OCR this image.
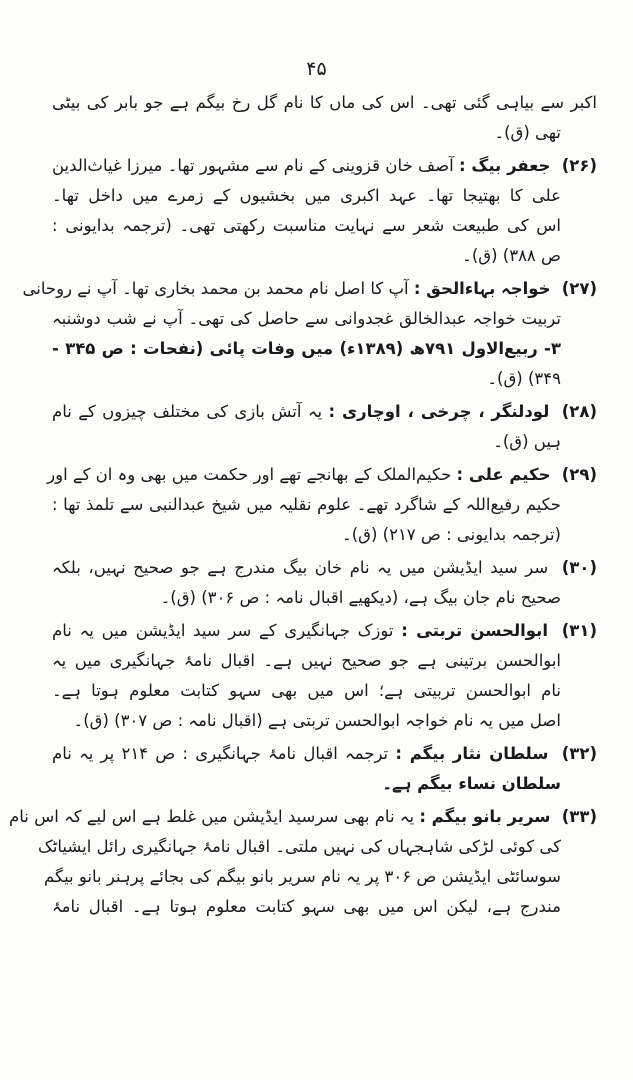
۴۵
اکبر سے بیاہی گئی تھی۔ اس کی ماں کا نام گل رخ بیگم ہے جو بابر کی بیٹی
تھی (ق)۔
(۲۶) جعفر بیگ : آصف خان قزوینی کے نام سے مشہور تھا۔ میرزا غیاث‌الدین
علی کا بھتیجا تھا۔ عہد اکبری میں بخشیوں کے زمرے میں داخل تھا۔
اس کی طبیعت شعر سے نہایت مناسبت رکھتی تھی۔ (ترجمہ بدایونی :
ص ۳۸۸) (ق)۔
(۲۷) خواجہ بہاءالحق : آپ کا اصل نام محمد بن محمد بخاری تھا۔ آپ نے روحانی
تربیت خواجہ عبدالخالق غجدوانی سے حاصل کی تھی۔ آپ نے شب دوشنبہ
۳- ربیع‌الاول ۷۹۱ھ (۱۳۸۹ء) میں وفات پائی (نفحات : ص ۳۴۵ -
۳۴۹) (ق)۔
(۲۸) لودلنگر ، چرخی ، اوچاری : یہ آتش بازی کی مختلف چیزوں کے نام
ہیں (ق)۔
(۲۹) حکیم علی : حکیم‌الملک کے بھانجے تھے اور حکمت میں بھی وہ ان کے اور
حکیم رفیع‌اللہ کے شاگرد تھے۔ علوم نقلیہ میں شیخ عبدالنبی سے تلمذ تھا :
(ترجمہ بدایونی : ص ۲۱۷) (ق)۔
(۳۰) سر سید ایڈیشن میں یہ نام خان بیگ مندرج ہے جو صحیح نہیں، بلکہ
صحیح نام جان بیگ ہے، (دیکھیے اقبال نامہ : ص ۳۰۶) (ق)۔
(۳۱) ابوالحسن تربتی : توزک جہانگیری کے سر سید ایڈیشن میں یہ نام
ابوالحسن برتینی ہے جو صحیح نہیں ہے۔ اقبال نامۂ جہانگیری میں یہ
نام ابوالحسن تربیتی ہے؛ اس میں بھی سہو کتابت معلوم ہوتا ہے۔
اصل میں یہ نام خواجہ ابوالحسن تربتی ہے (اقبال نامہ : ص ۳۰۷) (ق)۔
(۳۲) سلطان نثار بیگم : ترجمہ اقبال نامۂ جہانگیری : ص ۲۱۴ پر یہ نام
سلطان نساء بیگم ہے۔
(۳۳) سریر بانو بیگم : یہ نام بھی سرسید ایڈیشن میں غلط ہے اس لیے کہ اس نام
کی کوئی لڑکی شاہجہاں کی نہیں ملتی۔ اقبال نامۂ جہانگیری رائل ایشیاٹک
سوسائٹی ایڈیشن ص ۳۰۶ پر یہ نام سریر بانو بیگم کی بجائے پرہنر بانو بیگم
مندرج ہے، لیکن اس میں بھی سہو کتابت معلوم ہوتا ہے۔ اقبال نامۂ
